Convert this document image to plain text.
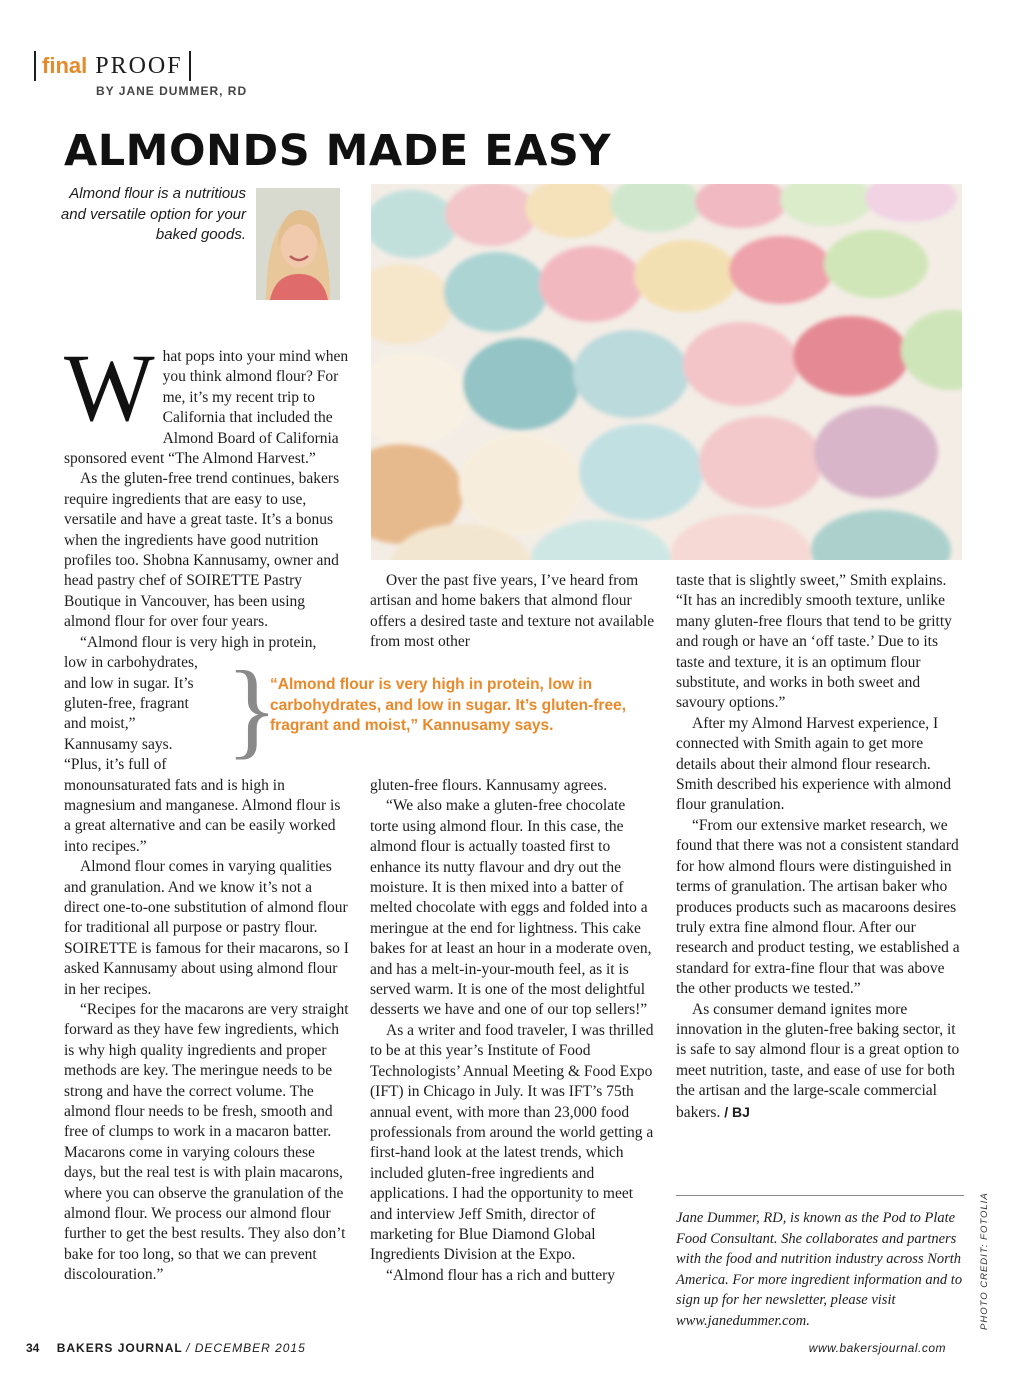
final PROOF
BY JANE DUMMER, RD
ALMONDS MADE EASY
Almond flour is a nutritious and versatile option for your baked goods.
W hat pops into your mind when you think almond flour? For me, it’s my recent trip to California that included the Almond Board of California sponsored event “The Almond Harvest.”

As the gluten-free trend continues, bakers require ingredients that are easy to use, versatile and have a great taste. It’s a bonus when the ingredients have good nutrition profiles too. Shobna Kannusamy, owner and head pastry chef of SOIRETTE Pastry Boutique in Vancouver, has been using almond flour for over four years.

“Almond flour is very high in protein,
low in carbohydrates,
and low in sugar. It’s
gluten-free, fragrant
and moist,”
Kannusamy says.
“Plus, it’s full of

monounsaturated fats and is high in magnesium and manganese. Almond flour is a great alternative and can be easily worked into recipes.”

Almond flour comes in varying qualities and granulation. And we know it’s not a direct one-to-one substitution of almond flour for traditional all purpose or pastry flour. SOIRETTE is famous for their macarons, so I asked Kannusamy about using almond flour in her recipes.

“Recipes for the macarons are very straight forward as they have few ingredients, which is why high quality ingredients and proper methods are key. The meringue needs to be strong and have the correct volume. The almond flour needs to be fresh, smooth and free of clumps to work in a macaron batter. Macarons come in varying colours these days, but the real test is with plain macarons, where you can observe the granulation of the almond flour. We process our almond flour further to get the best results. They also don’t bake for too long, so that we can prevent discolouration.”

Over the past five years, I’ve heard from artisan and home bakers that almond flour offers a desired taste and texture not available from most other

}
“Almond flour is very high in protein, low in carbohydrates, and low in sugar. It’s gluten-free, fragrant and moist,” Kannusamy says.

gluten-free flours. Kannusamy agrees.

“We also make a gluten-free chocolate torte using almond flour. In this case, the almond flour is actually toasted first to enhance its nutty flavour and dry out the moisture. It is then mixed into a batter of melted chocolate with eggs and folded into a meringue at the end for lightness. This cake bakes for at least an hour in a moderate oven, and has a melt-in-your-mouth feel, as it is served warm. It is one of the most delightful desserts we have and one of our top sellers!”

As a writer and food traveler, I was thrilled to be at this year’s Institute of Food Technologists’ Annual Meeting & Food Expo (IFT) in Chicago in July. It was IFT’s 75th annual event, with more than 23,000 food professionals from around the world getting a first-hand look at the latest trends, which included gluten-free ingredients and applications. I had the opportunity to meet and interview Jeff Smith, director of marketing for Blue Diamond Global Ingredients Division at the Expo.

“Almond flour has a rich and buttery

taste that is slightly sweet,” Smith explains. “It has an incredibly smooth texture, unlike many gluten-free flours that tend to be gritty and rough or have an ‘off taste.’ Due to its taste and texture, it is an optimum flour substitute, and works in both sweet and savoury options.”

After my Almond Harvest experience, I connected with Smith again to get more details about their almond flour research. Smith described his experience with almond flour granulation.

“From our extensive market research, we found that there was not a consistent standard for how almond flours were distinguished in terms of granulation. The artisan baker who produces products such as macaroons desires truly extra fine almond flour. After our research and product testing, we established a standard for extra-fine flour that was above the other products we tested.”

As consumer demand ignites more innovation in the gluten-free baking sector, it is safe to say almond flour is a great option to meet nutrition, taste, and ease of use for both the artisan and the large-scale commercial bakers. / BJ

Jane Dummer, RD, is known as the Pod to Plate Food Consultant. She collaborates and partners with the food and nutrition industry across North America. For more ingredient information and to sign up for her newsletter, please visit www.janedummer.com.	PHOTO CREDIT: FOTOLIA
34 BAKERS JOURNAL / DECEMBER 2015	www.bakersjournal.com
